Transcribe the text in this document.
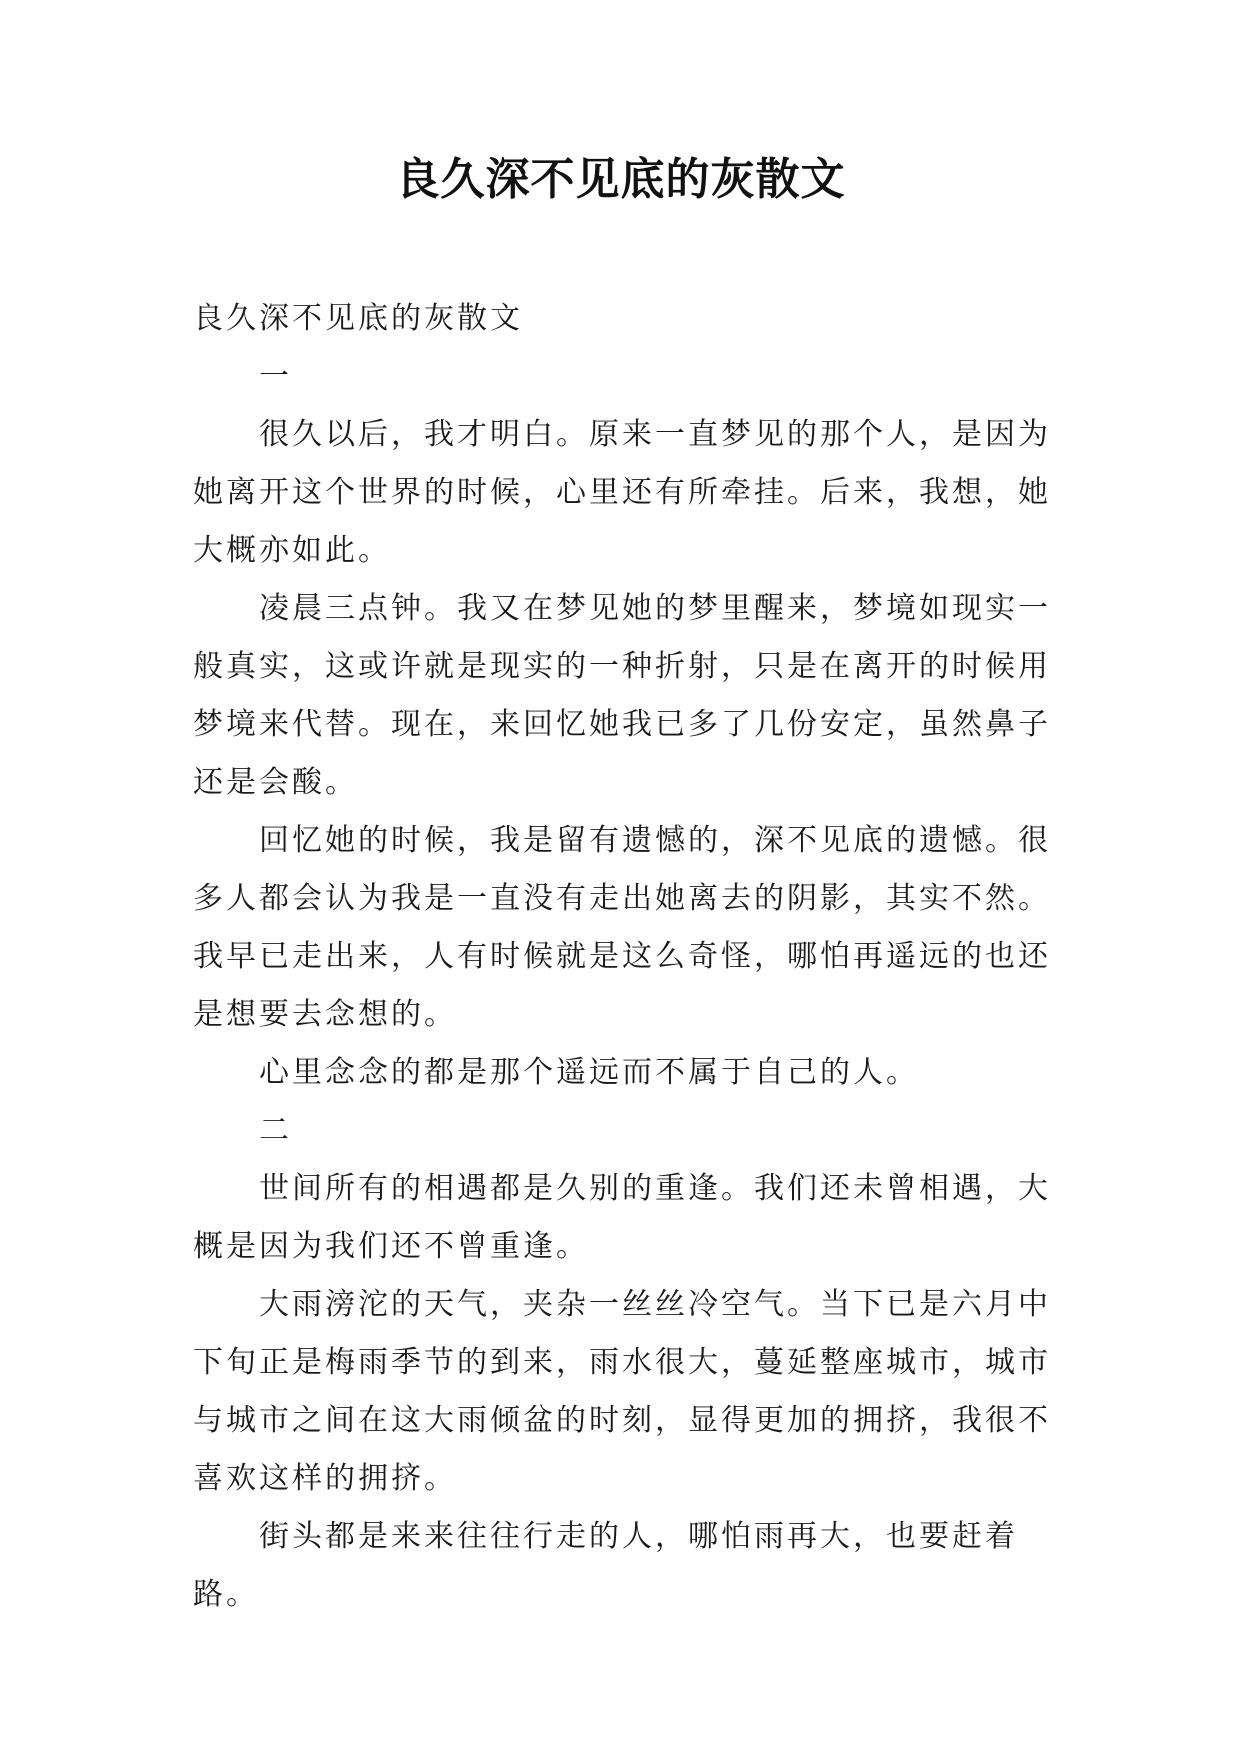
良久深不见底的灰散文

良久深不见底的灰散文

一

很久以后，我才明白。原来一直梦见的那个人，是因为她离开这个世界的时候，心里还有所牵挂。后来，我想，她大概亦如此。

凌晨三点钟。我又在梦见她的梦里醒来，梦境如现实一般真实，这或许就是现实的一种折射，只是在离开的时候用梦境来代替。现在，来回忆她我已多了几份安定，虽然鼻子还是会酸。

回忆她的时候，我是留有遗憾的，深不见底的遗憾。很多人都会认为我是一直没有走出她离去的阴影，其实不然。我早已走出来，人有时候就是这么奇怪，哪怕再遥远的也还是想要去念想的。

心里念念的都是那个遥远而不属于自己的人。

二

世间所有的相遇都是久别的重逢。我们还未曾相遇，大概是因为我们还不曾重逢。

大雨滂沱的天气，夹杂一丝丝冷空气。当下已是六月中下旬正是梅雨季节的到来，雨水很大，蔓延整座城市，城市与城市之间在这大雨倾盆的时刻，显得更加的拥挤，我很不喜欢这样的拥挤。

街头都是来来往往行走的人，哪怕雨再大，也要赶着路。
